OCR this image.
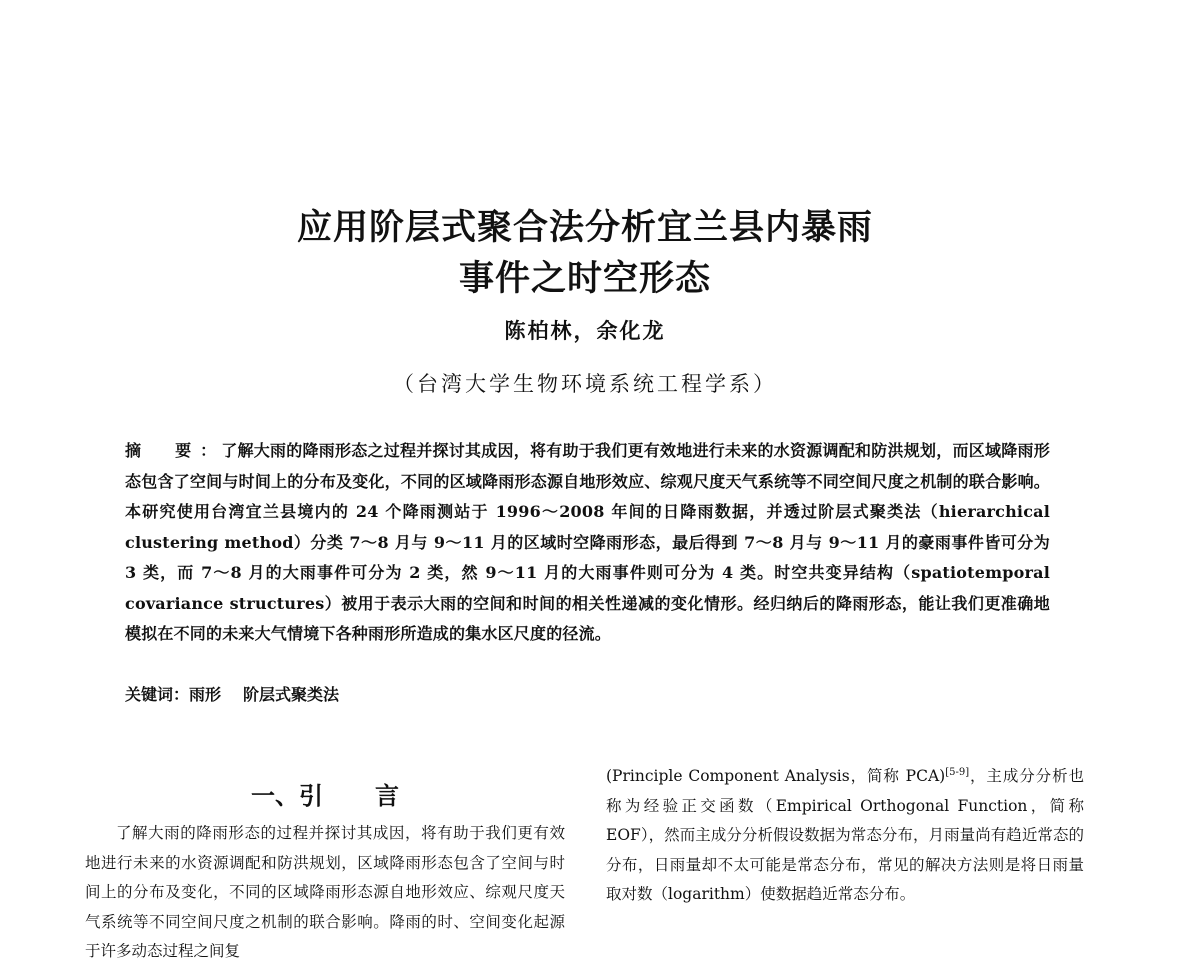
应用阶层式聚合法分析宜兰县内暴雨
事件之时空形态
陈柏林，余化龙
（台湾大学生物环境系统工程学系）
摘　要：了解大雨的降雨形态之过程并探讨其成因，将有助于我们更有效地进行未来的水资源调配和防洪规划，而区域降雨形态包含了空间与时间上的分布及变化，不同的区域降雨形态源自地形效应、综观尺度天气系统等不同空间尺度之机制的联合影响。本研究使用台湾宜兰县境内的 24 个降雨测站于 1996～2008 年间的日降雨数据，并透过阶层式聚类法（hierarchical clustering method）分类 7～8 月与 9～11 月的区域时空降雨形态，最后得到 7～8 月与 9～11 月的豪雨事件皆可分为 3 类，而 7～8 月的大雨事件可分为 2 类，然 9～11 月的大雨事件则可分为 4 类。时空共变异结构（spatiotemporal covariance structures）被用于表示大雨的空间和时间的相关性递减的变化情形。经归纳后的降雨形态，能让我们更准确地模拟在不同的未来大气情境下各种雨形所造成的集水区尺度的径流。
关键词：雨形 阶层式聚类法
一、引 言
了解大雨的降雨形态的过程并探讨其成因，将有助于我们更有效地进行未来的水资源调配和防洪规划，区域降雨形态包含了空间与时间上的分布及变化，不同的区域降雨形态源自地形效应、综观尺度天气系统等不同空间尺度之机制的联合影响。降雨的时、空间变化起源于许多动态过程之间复
(Principle Component Analysis，简称 PCA)[5-9]，主成分分析也称为经验正交函数（Empirical Orthogonal Function，简称 EOF），然而主成分分析假设数据为常态分布，月雨量尚有趋近常态的分布，日雨量却不太可能是常态分布，常见的解决方法则是将日雨量取对数（logarithm）使数据趋近常态分布。
